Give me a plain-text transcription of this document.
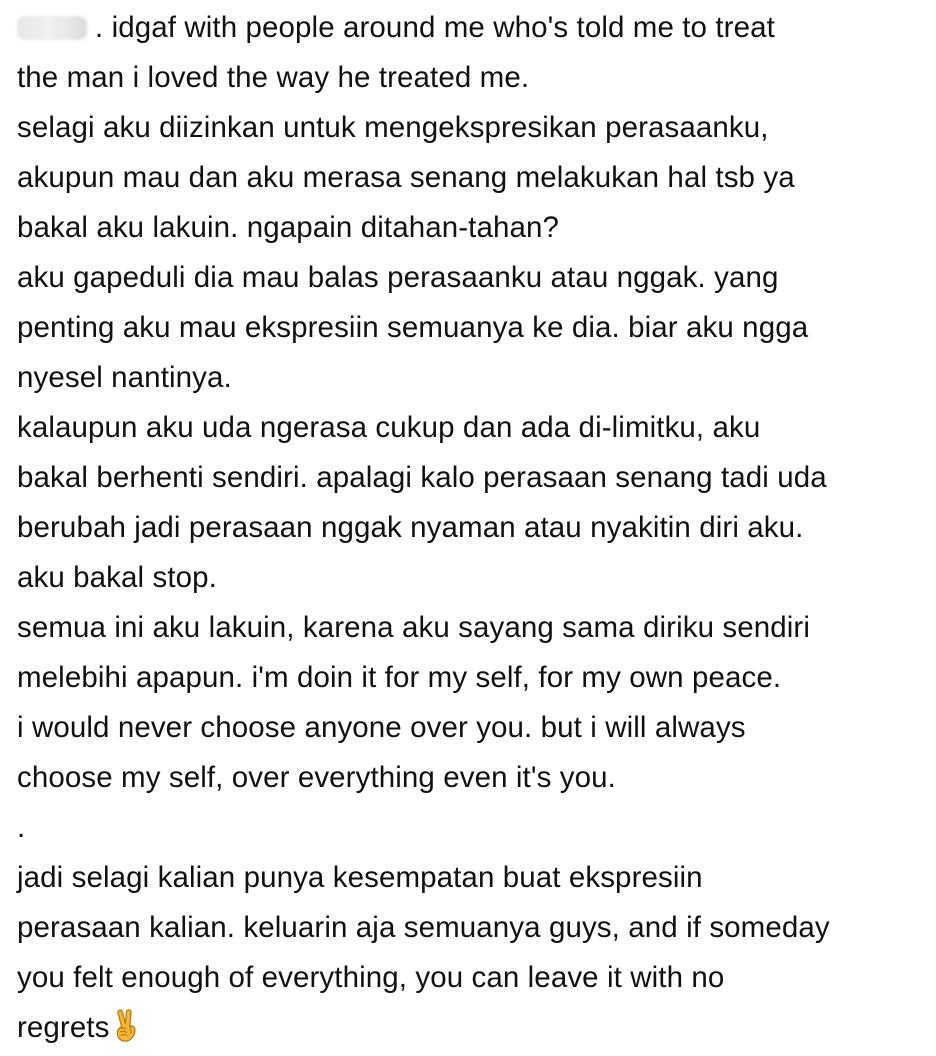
. idgaf with people around me who's told me to treat
the man i loved the way he treated me.
selagi aku diizinkan untuk mengekspresikan perasaanku,
akupun mau dan aku merasa senang melakukan hal tsb ya
bakal aku lakuin. ngapain ditahan-tahan?
aku gapeduli dia mau balas perasaanku atau nggak. yang
penting aku mau ekspresiin semuanya ke dia. biar aku ngga
nyesel nantinya.
kalaupun aku uda ngerasa cukup dan ada di-limitku, aku
bakal berhenti sendiri. apalagi kalo perasaan senang tadi uda
berubah jadi perasaan nggak nyaman atau nyakitin diri aku.
aku bakal stop.
semua ini aku lakuin, karena aku sayang sama diriku sendiri
melebihi apapun. i'm doin it for my self, for my own peace.
i would never choose anyone over you. but i will always
choose my self, over everything even it's you.
.
jadi selagi kalian punya kesempatan buat ekspresiin
perasaan kalian. keluarin aja semuanya guys, and if someday
you felt enough of everything, you can leave it with no
regrets
